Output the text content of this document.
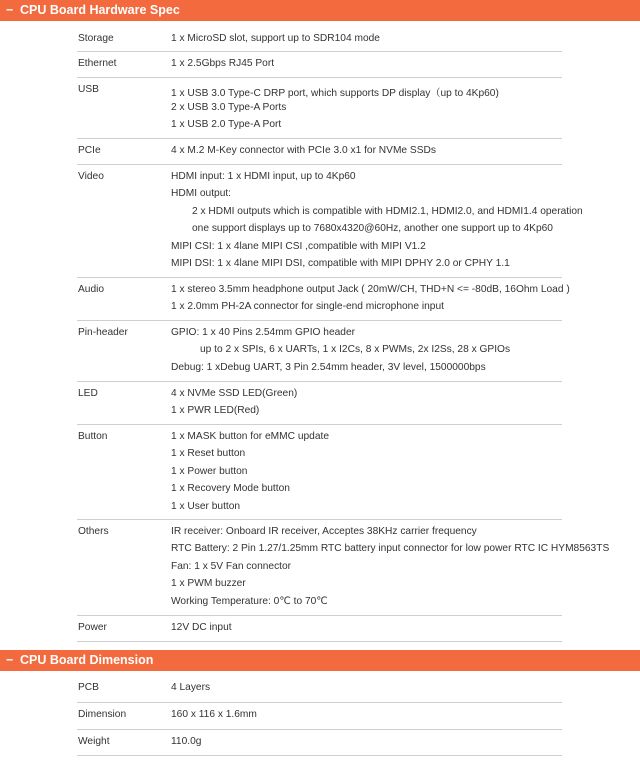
− CPU Board Hardware Spec
Storage	1 x MicroSD slot, support up to SDR104 mode
Ethernet	1 x 2.5Gbps RJ45 Port
USB	1 x USB 3.0 Type-C DRP port, which supports DP display（up to 4Kp60)
2 x USB 3.0 Type-A Ports
1 x USB 2.0 Type-A Port
PCIe	4 x M.2 M-Key connector with PCIe 3.0 x1 for NVMe SSDs
Video	HDMI input: 1 x HDMI input, up to 4Kp60
HDMI output:
2 x HDMI outputs which is compatible with HDMI2.1, HDMI2.0, and HDMI1.4 operation
one support displays up to 7680x4320@60Hz, another one support up to 4Kp60
MIPI CSI: 1 x 4lane MIPI CSI ,compatible with MIPI V1.2
MIPI DSI: 1 x 4lane MIPI DSI, compatible with MIPI DPHY 2.0 or CPHY 1.1
Audio	1 x stereo 3.5mm headphone output Jack ( 20mW/CH, THD+N <= -80dB, 16Ohm Load )
1 x 2.0mm PH-2A connector for single-end microphone input
Pin-header	GPIO: 1 x 40 Pins 2.54mm GPIO header
up to 2 x SPIs, 6 x UARTs, 1 x I2Cs, 8 x PWMs, 2x I2Ss, 28 x GPIOs
Debug: 1 xDebug UART, 3 Pin 2.54mm header, 3V level, 1500000bps
LED	4 x NVMe SSD LED(Green)
1 x PWR LED(Red)
Button	1 x MASK button for eMMC update
1 x Reset button
1 x Power button
1 x Recovery Mode button
1 x User button
Others	IR receiver: Onboard IR receiver, Acceptes 38KHz carrier frequency
RTC Battery: 2 Pin 1.27/1.25mm RTC battery input connector for low power RTC IC HYM8563TS
Fan: 1 x 5V Fan connector
1 x PWM buzzer
Working Temperature: 0℃ to 70℃
Power	12V DC input
− CPU Board Dimension
PCB	4 Layers
Dimension	160 x 116 x 1.6mm
Weight	110.0g
